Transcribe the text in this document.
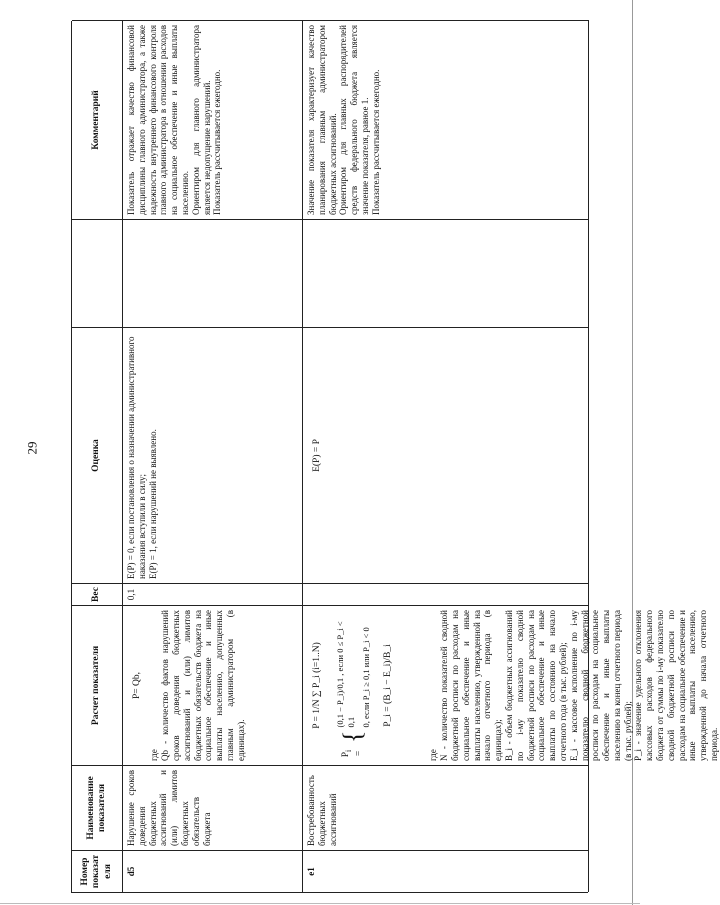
29
Номер показат еля
Наименование показателя
Расчет показателя
Вес
Оценка
Комментарий
d5
Нарушение сроков доведения бюджетных ассигнований и (или) лимитов бюджетных обязательств бюджета
P= Qb,
где Qb - количество фактов нарушений сроков доведения бюджетных ассигнований и (или) лимитов бюджетных обязательств бюджета на социальное обеспечение и иные выплаты населению, допущенных главным администратором (в единицах).
0,1
E(P) = 0, если постановления о назначении административного наказания вступили в силу;
E(P) = 1, если нарушений не выявлено.
Показатель отражает качество финансовой дисциплины главного администратора, а также надежность внутреннего финансового контроля главного администратора в отношении расходов на социальное обеспечение и иные выплаты населению.
Ориентиром для главного администратора является недопущение нарушений.
Показатель рассчитывается ежегодно.
e1
Востребованность бюджетных ассигнований
P = 1/N ∑ P_i (i=1..N)
$P_i$ =
{
(0,1 − P_i)/0,1 , если 0 ≤ P_i < 0,1 0, если P_i ≥ 0,1 или P_i < 0 P_i = (B_i − E_i)/B_i
где N - количество показателей сводной бюджетной росписи по расходам на социальное обеспечение и иные выплаты населению, утвержденной на начало отчетного периода (в единицах);
B_i - объем бюджетных ассигнований по i-му показателю сводной бюджетной росписи по расходам на социальное обеспечение и иные выплаты по состоянию на начало отчетного года (в тыс. рублей);
E_i - кассовое исполнение по i-му показателю сводной бюджетной росписи по расходам на социальное обеспечение и иные выплаты населению на конец отчетного периода (в тыс. рублей);
P_i - значение удельного отклонения кассовых расходов федерального бюджета от суммы по i-му показателю сводной бюджетной росписи по расходам на социальное обеспечение и иные выплаты населению, утвержденной до начала отчетного периода.
E(P) = P
Значение показателя характеризует качество планирования главным администратором бюджетных ассигнований.
Ориентиром для главных распорядителей средств федерального бюджета является значение показателя, равное 1.
Показатель рассчитывается ежегодно.
